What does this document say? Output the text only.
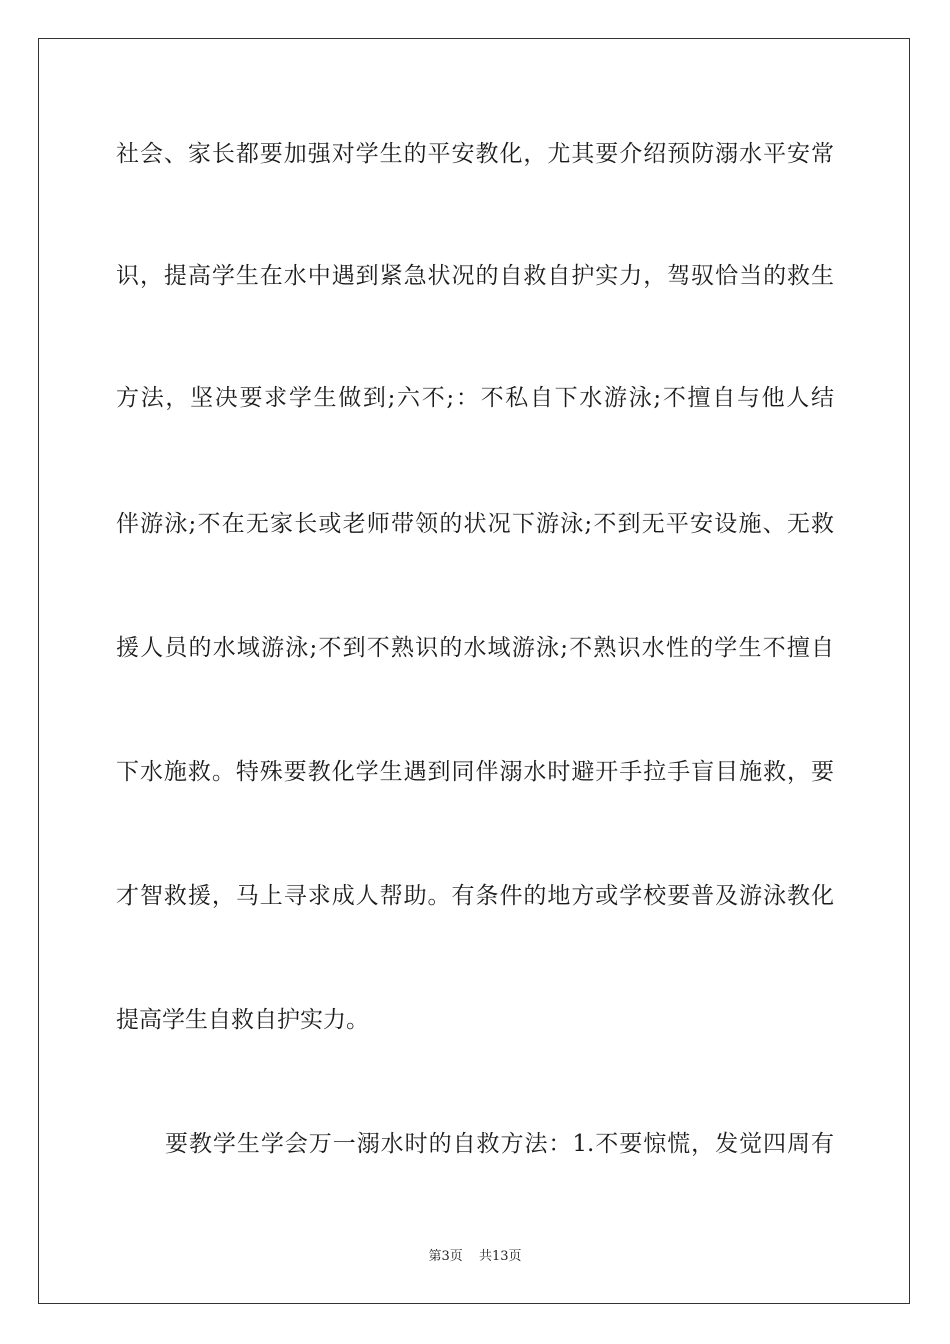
社会、家长都要加强对学生的平安教化，尤其要介绍预防溺水平安常
识，提高学生在水中遇到紧急状况的自救自护实力，驾驭恰当的救生
方法，坚决要求学生做到;六不;：不私自下水游泳;不擅自与他人结
伴游泳;不在无家长或老师带领的状况下游泳;不到无平安设施、无救
援人员的水域游泳;不到不熟识的水域游泳;不熟识水性的学生不擅自
下水施救。特殊要教化学生遇到同伴溺水时避开手拉手盲目施救，要
才智救援，马上寻求成人帮助。有条件的地方或学校要普及游泳教化
提高学生自救自护实力。
要教学生学会万一溺水时的自救方法：1.不要惊慌，发觉四周有
第3页 共13页
